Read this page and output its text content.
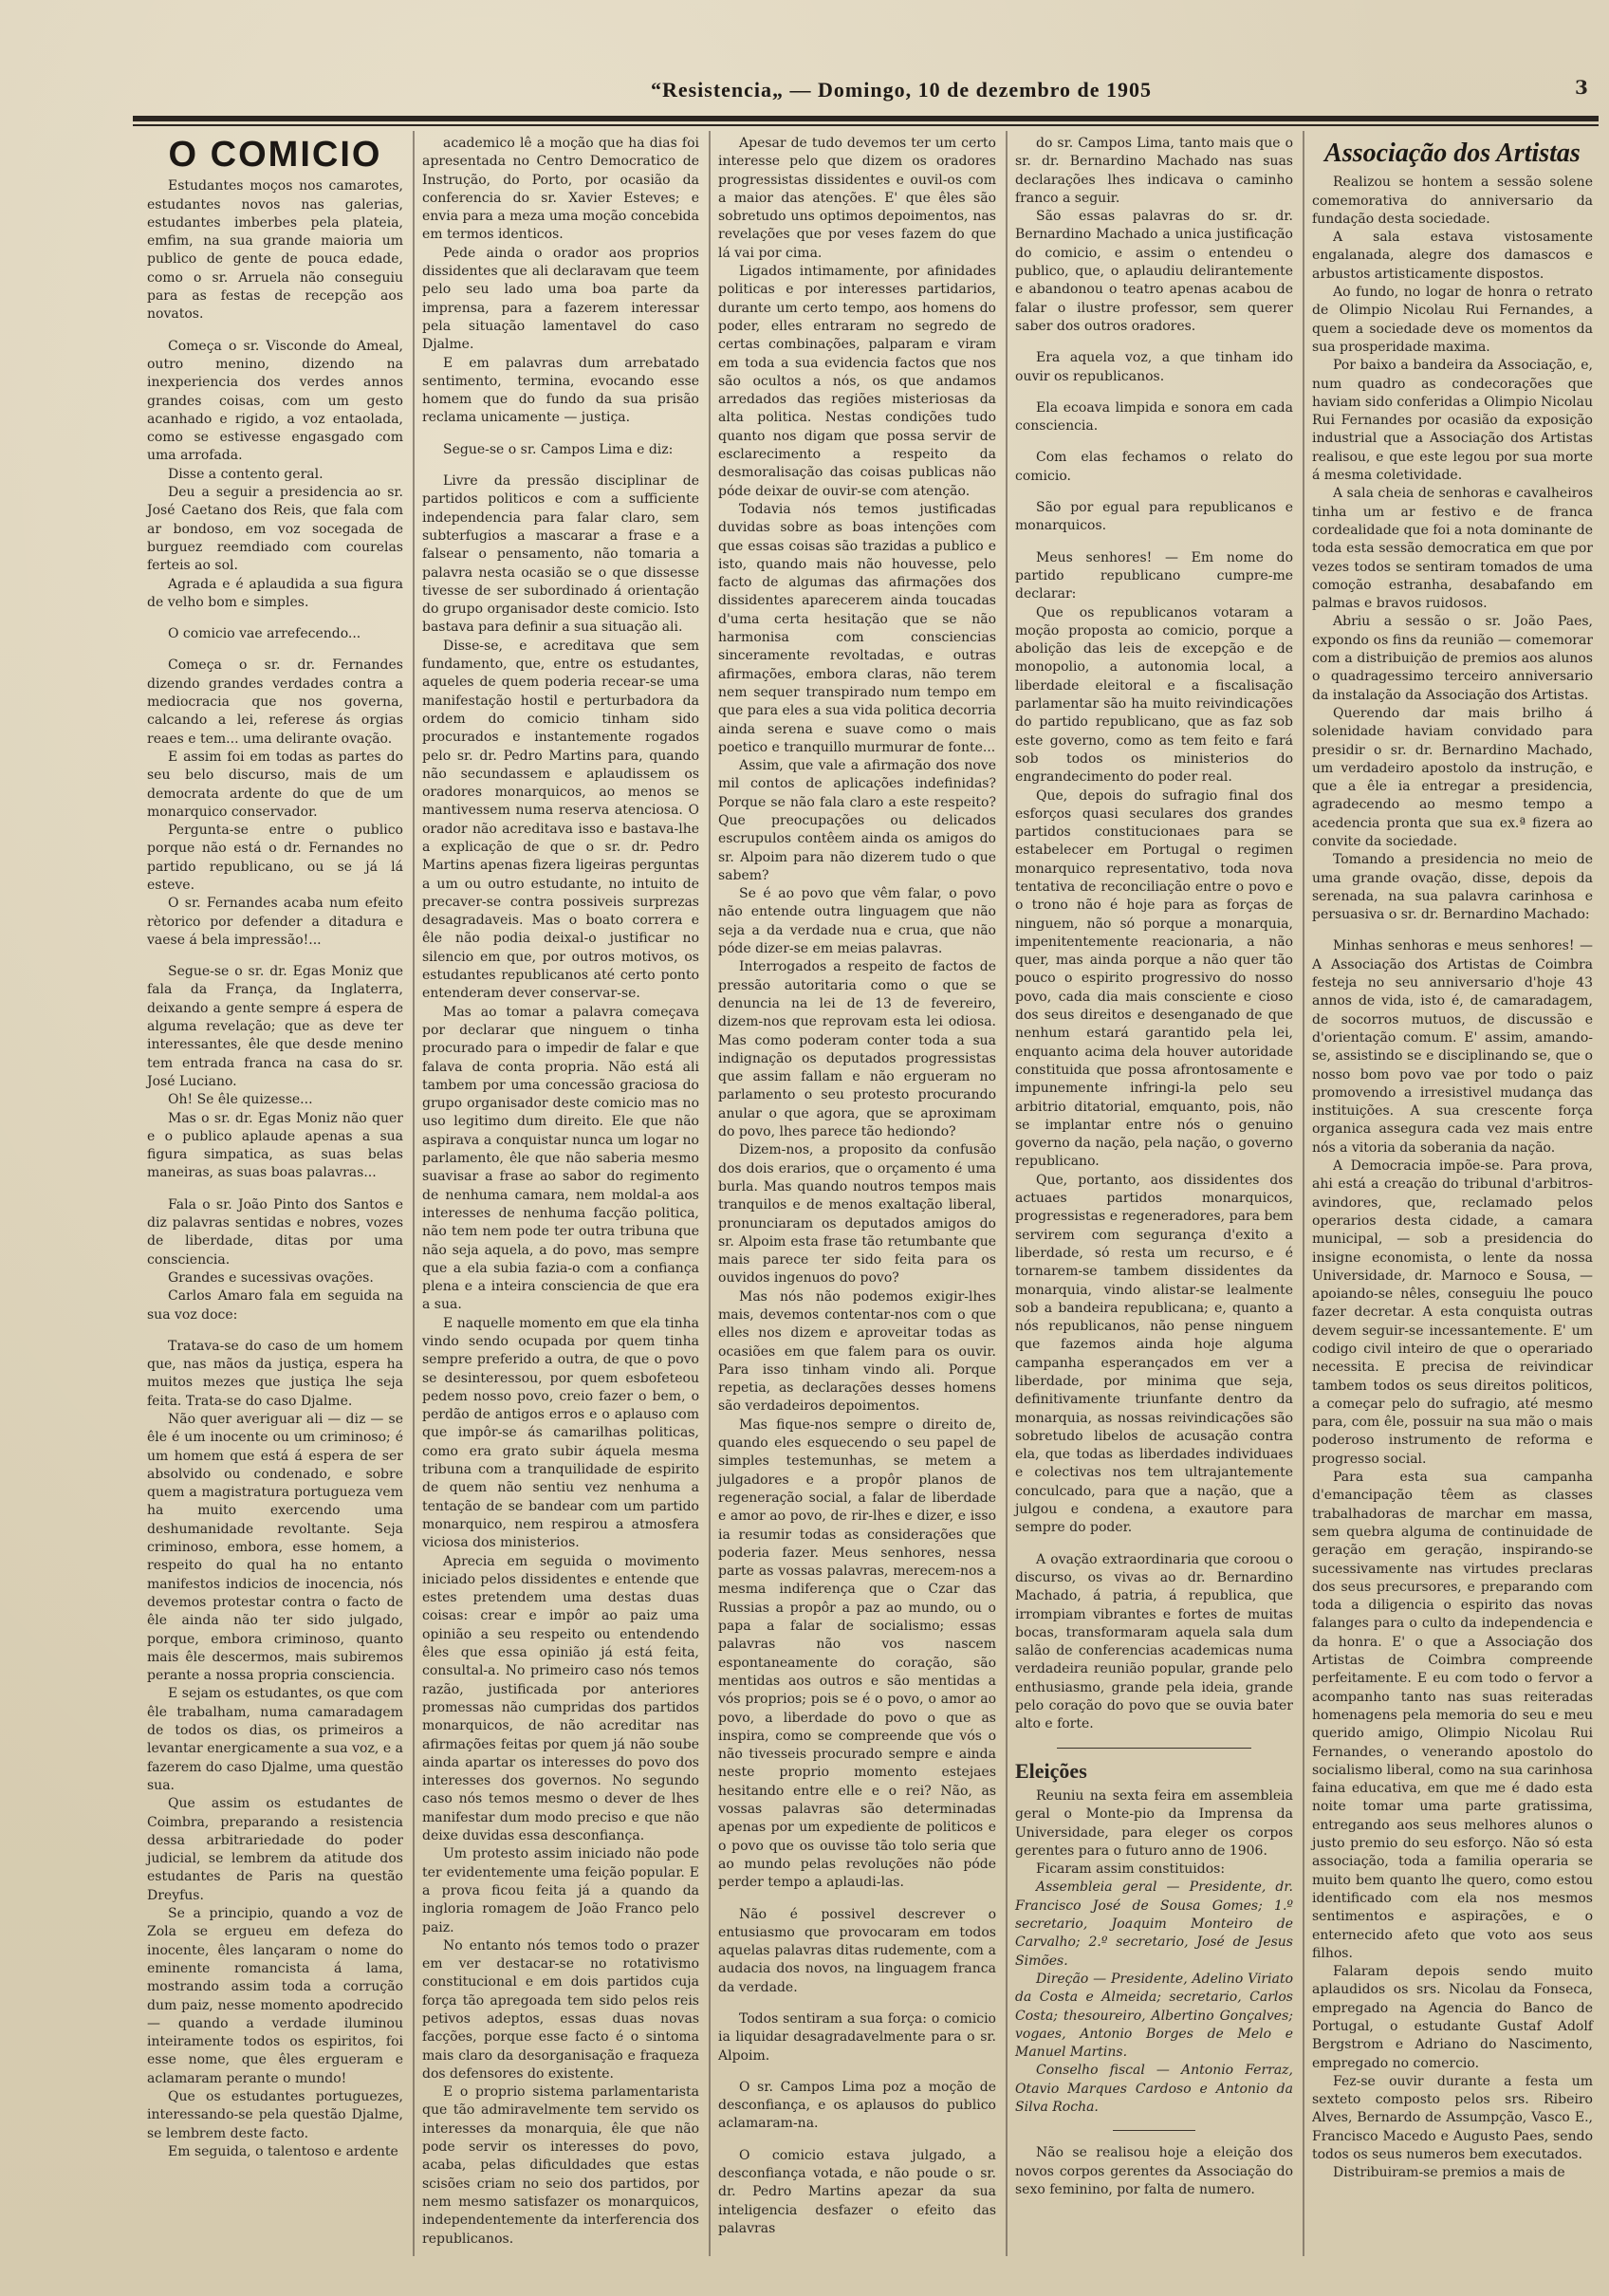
“Resistencia„ — Domingo, 10 de dezembro de 1905	3
O COMICIO

Estudantes moços nos camarotes, estudantes novos nas galerias, estudantes imberbes pela plateia, emfim, na sua grande maioria um publico de gente de pouca edade, como o sr. Arruela não conseguiu para as festas de recepção aos novatos.

Começa o sr. Visconde do Ameal, outro menino, dizendo na inexperiencia dos verdes annos grandes coisas, com um gesto acanhado e rigido, a voz entaolada, como se estivesse engasgado com uma arrofada.

Disse a contento geral.

Deu a seguir a presidencia ao sr. José Caetano dos Reis, que fala com ar bondoso, em voz socegada de burguez reemdiado com courelas ferteis ao sol.

Agrada e é aplaudida a sua figura de velho bom e simples.

O comicio vae arrefecendo...

Começa o sr. dr. Fernandes dizendo grandes verdades contra a mediocracia que nos governa, calcando a lei, referese ás orgias reaes e tem... uma delirante ovação.

E assim foi em todas as partes do seu belo discurso, mais de um democrata ardente do que de um monarquico conservador.

Pergunta-se entre o publico porque não está o dr. Fernandes no partido republicano, ou se já lá esteve.

O sr. Fernandes acaba num efeito rètorico por defender a ditadura e vaese á bela impressão!...

Segue-se o sr. dr. Egas Moniz que fala da França, da Inglaterra, deixando a gente sempre á espera de alguma revelação; que as deve ter interessantes, êle que desde menino tem entrada franca na casa do sr. José Luciano.

Oh! Se êle quizesse...

Mas o sr. dr. Egas Moniz não quer e o publico aplaude apenas a sua figura simpatica, as suas belas maneiras, as suas boas palavras...

Fala o sr. João Pinto dos Santos e diz palavras sentidas e nobres, vozes de liberdade, ditas por uma consciencia.

Grandes e sucessivas ovações.

Carlos Amaro fala em seguida na sua voz doce:

Tratava-se do caso de um homem que, nas mãos da justiça, espera ha muitos mezes que justiça lhe seja feita. Trata-se do caso Djalme.

Não quer averiguar ali — diz — se êle é um inocente ou um criminoso; é um homem que está á espera de ser absolvido ou condenado, e sobre quem a magistratura portugueza vem ha muito exercendo uma deshumanidade revoltante. Seja criminoso, embora, esse homem, a respeito do qual ha no entanto manifestos indicios de inocencia, nós devemos protestar contra o facto de êle ainda não ter sido julgado, porque, embora criminoso, quanto mais êle descermos, mais subiremos perante a nossa propria consciencia.

E sejam os estudantes, os que com êle trabalham, numa camaradagem de todos os dias, os primeiros a levantar energicamente a sua voz, e a fazerem do caso Djalme, uma questão sua.

Que assim os estudantes de Coimbra, preparando a resistencia dessa arbitrariedade do poder judicial, se lembrem da atitude dos estudantes de Paris na questão Dreyfus.

Se a principio, quando a voz de Zola se ergueu em defeza do inocente, êles lançaram o nome do eminente romancista á lama, mostrando assim toda a corrução dum paiz, nesse momento apodrecido — quando a verdade iluminou inteiramente todos os espiritos, foi esse nome, que êles ergueram e aclamaram perante o mundo!

Que os estudantes portuguezes, interessando-se pela questão Djalme, se lembrem deste facto.

Em seguida, o talentoso e ardente

academico lê a moção que ha dias foi apresentada no Centro Democratico de Instrução, do Porto, por ocasião da conferencia do sr. Xavier Esteves; e envia para a meza uma moção concebida em termos identicos.

Pede ainda o orador aos proprios dissidentes que ali declaravam que teem pelo seu lado uma boa parte da imprensa, para a fazerem interessar pela situação lamentavel do caso Djalme.

E em palavras dum arrebatado sentimento, termina, evocando esse homem que do fundo da sua prisão reclama unicamente — justiça.

Segue-se o sr. Campos Lima e diz:

Livre da pressão disciplinar de partidos politicos e com a sufficiente independencia para falar claro, sem subterfugios a mascarar a frase e a falsear o pensamento, não tomaria a palavra nesta ocasião se o que dissesse tivesse de ser subordinado á orientação do grupo organisador deste comicio. Isto bastava para definir a sua situação ali.

Disse-se, e acreditava que sem fundamento, que, entre os estudantes, aqueles de quem poderia recear-se uma manifestação hostil e perturbadora da ordem do comicio tinham sido procurados e instantemente rogados pelo sr. dr. Pedro Martins para, quando não secundassem e aplaudissem os oradores monarquicos, ao menos se mantivessem numa reserva atenciosa. O orador não acreditava isso e bastava-lhe a explicação de que o sr. dr. Pedro Martins apenas fizera ligeiras perguntas a um ou outro estudante, no intuito de precaver-se contra possiveis surprezas desagradaveis. Mas o boato correra e êle não podia deixal-o justificar no silencio em que, por outros motivos, os estudantes republicanos até certo ponto entenderam dever conservar-se.

Mas ao tomar a palavra começava por declarar que ninguem o tinha procurado para o impedir de falar e que falava de conta propria. Não está ali tambem por uma concessão graciosa do grupo organisador deste comicio mas no uso legitimo dum direito. Ele que não aspirava a conquistar nunca um logar no parlamento, êle que não saberia mesmo suavisar a frase ao sabor do regimento de nenhuma camara, nem moldal-a aos interesses de nenhuma facção politica, não tem nem pode ter outra tribuna que não seja aquela, a do povo, mas sempre que a ela subia fazia-o com a confiança plena e a inteira consciencia de que era a sua.

E naquelle momento em que ela tinha vindo sendo ocupada por quem tinha sempre preferido a outra, de que o povo se desinteressou, por quem esbofeteou pedem nosso povo, creio fazer o bem, o perdão de antigos erros e o aplauso com que impôr-se ás camarilhas politicas, como era grato subir áquela mesma tribuna com a tranquilidade de espirito de quem não sentiu vez nenhuma a tentação de se bandear com um partido monarquico, nem respirou a atmosfera viciosa dos ministerios.

Aprecia em seguida o movimento iniciado pelos dissidentes e entende que estes pretendem uma destas duas coisas: crear e impôr ao paiz uma opinião a seu respeito ou entendendo êles que essa opinião já está feita, consultal-a. No primeiro caso nós temos razão, justificada por anteriores promessas não cumpridas dos partidos monarquicos, de não acreditar nas afirmações feitas por quem já não soube ainda apartar os interesses do povo dos interesses dos governos. No segundo caso nós temos mesmo o dever de lhes manifestar dum modo preciso e que não deixe duvidas essa desconfiança.

Um protesto assim iniciado não pode ter evidentemente uma feição popular. E a prova ficou feita já a quando da ingloria romagem de João Franco pelo paiz.

No entanto nós temos todo o prazer em ver destacar-se no rotativismo constitucional e em dois partidos cuja força tão apregoada tem sido pelos reis petivos adeptos, essas duas novas facções, porque esse facto é o sintoma mais claro da desorganisação e fraqueza dos defensores do existente.

E o proprio sistema parlamentarista que tão admiravelmente tem servido os interesses da monarquia, êle que não pode servir os interesses do povo, acaba, pelas dificuldades que estas scisões criam no seio dos partidos, por nem mesmo satisfazer os monarquicos, independentemente da interferencia dos republicanos.

Apesar de tudo devemos ter um certo interesse pelo que dizem os oradores progressistas dissidentes e ouvil-os com a maior das atenções. E' que êles são sobretudo uns optimos depoimentos, nas revelações que por veses fazem do que lá vai por cima.

Ligados intimamente, por afinidades politicas e por interesses partidarios, durante um certo tempo, aos homens do poder, elles entraram no segredo de certas combinações, palparam e viram em toda a sua evidencia factos que nos são ocultos a nós, os que andamos arredados das regiões misteriosas da alta politica. Nestas condições tudo quanto nos digam que possa servir de esclarecimento a respeito da desmoralisação das coisas publicas não póde deixar de ouvir-se com atenção.

Todavia nós temos justificadas duvidas sobre as boas intenções com que essas coisas são trazidas a publico e isto, quando mais não houvesse, pelo facto de algumas das afirmações dos dissidentes aparecerem ainda toucadas d'uma certa hesitação que se não harmonisa com consciencias sinceramente revoltadas, e outras afirmações, embora claras, não terem nem sequer transpirado num tempo em que para eles a sua vida politica decorria ainda serena e suave como o mais poetico e tranquillo murmurar de fonte...

Assim, que vale a afirmação dos nove mil contos de aplicações indefinidas? Porque se não fala claro a este respeito? Que preocupações ou delicados escrupulos contêem ainda os amigos do sr. Alpoim para não dizerem tudo o que sabem?

Se é ao povo que vêm falar, o povo não entende outra linguagem que não seja a da verdade nua e crua, que não póde dizer-se em meias palavras.

Interrogados a respeito de factos de pressão autoritaria como o que se denuncia na lei de 13 de fevereiro, dizem-nos que reprovam esta lei odiosa. Mas como poderam conter toda a sua indignação os deputados progressistas que assim fallam e não ergueram no parlamento o seu protesto procurando anular o que agora, que se aproximam do povo, lhes parece tão hediondo?

Dizem-nos, a proposito da confusão dos dois erarios, que o orçamento é uma burla. Mas quando noutros tempos mais tranquilos e de menos exaltação liberal, pronunciaram os deputados amigos do sr. Alpoim esta frase tão retumbante que mais parece ter sido feita para os ouvidos ingenuos do povo?

Mas nós não podemos exigir-lhes mais, devemos contentar-nos com o que elles nos dizem e aproveitar todas as ocasiões em que falem para os ouvir. Para isso tinham vindo ali. Porque repetia, as declarações desses homens são verdadeiros depoimentos.

Mas fique-nos sempre o direito de, quando eles esquecendo o seu papel de simples testemunhas, se metem a julgadores e a propôr planos de regeneração social, a falar de liberdade e amor ao povo, de rir-lhes e dizer, e isso ia resumir todas as considerações que poderia fazer. Meus senhores, nessa parte as vossas palavras, merecem-nos a mesma indiferença que o Czar das Russias a propôr a paz ao mundo, ou o papa a falar de socialismo; essas palavras não vos nascem espontaneamente do coração, são mentidas aos outros e são mentidas a vós proprios; pois se é o povo, o amor ao povo, a liberdade do povo o que as inspira, como se compreende que vós o não tivesseis procurado sempre e ainda neste proprio momento estejaes hesitando entre elle e o rei? Não, as vossas palavras são determinadas apenas por um expediente de politicos e o povo que os ouvisse tão tolo seria que ao mundo pelas revoluções não póde perder tempo a aplaudi-las.

Não é possivel descrever o entusiasmo que provocaram em todos aquelas palavras ditas rudemente, com a audacia dos novos, na linguagem franca da verdade.

Todos sentiram a sua força: o comicio ia liquidar desagradavelmente para o sr. Alpoim.

O sr. Campos Lima poz a moção de desconfiança, e os aplausos do publico aclamaram-na.

O comicio estava julgado, a desconfiança votada, e não poude o sr. dr. Pedro Martins apezar da sua inteligencia desfazer o efeito das palavras

do sr. Campos Lima, tanto mais que o sr. dr. Bernardino Machado nas suas declarações lhes indicava o caminho franco a seguir.

São essas palavras do sr. dr. Bernardino Machado a unica justificação do comicio, e assim o entendeu o publico, que, o aplaudiu delirantemente e abandonou o teatro apenas acabou de falar o ilustre professor, sem querer saber dos outros oradores.

Era aquela voz, a que tinham ido ouvir os republicanos.

Ela ecoava limpida e sonora em cada consciencia.

Com elas fechamos o relato do comicio.

São por egual para republicanos e monarquicos.

Meus senhores! — Em nome do partido republicano cumpre-me declarar:

Que os republicanos votaram a moção proposta ao comicio, porque a abolição das leis de excepção e de monopolio, a autonomia local, a liberdade eleitoral e a fiscalisação parlamentar são ha muito reivindicações do partido republicano, que as faz sob este governo, como as tem feito e fará sob todos os ministerios do engrandecimento do poder real.

Que, depois do sufragio final dos esforços quasi seculares dos grandes partidos constitucionaes para se estabelecer em Portugal o regimen monarquico representativo, toda nova tentativa de reconciliação entre o povo e o trono não é hoje para as forças de ninguem, não só porque a monarquia, impenitentemente reacionaria, a não quer, mas ainda porque a não quer tão pouco o espirito progressivo do nosso povo, cada dia mais consciente e cioso dos seus direitos e desenganado de que nenhum estará garantido pela lei, enquanto acima dela houver autoridade constituida que possa afrontosamente e impunemente infringi-la pelo seu arbitrio ditatorial, emquanto, pois, não se implantar entre nós o genuino governo da nação, pela nação, o governo republicano.

Que, portanto, aos dissidentes dos actuaes partidos monarquicos, progressistas e regeneradores, para bem servirem com segurança d'exito a liberdade, só resta um recurso, e é tornarem-se tambem dissidentes da monarquia, vindo alistar-se lealmente sob a bandeira republicana; e, quanto a nós republicanos, não pense ninguem que fazemos ainda hoje alguma campanha esperançados em ver a liberdade, por minima que seja, definitivamente triunfante dentro da monarquia, as nossas reivindicações são sobretudo libelos de acusação contra ela, que todas as liberdades individuaes e colectivas nos tem ultrajantemente conculcado, para que a nação, que a julgou e condena, a exautore para sempre do poder.

A ovação extraordinaria que coroou o discurso, os vivas ao dr. Bernardino Machado, á patria, á republica, que irrompiam vibrantes e fortes de muitas bocas, transformaram aquela sala dum salão de conferencias academicas numa verdadeira reunião popular, grande pelo enthusiasmo, grande pela ideia, grande pelo coração do povo que se ouvia bater alto e forte.

Eleições

Reuniu na sexta feira em assembleia geral o Monte-pio da Imprensa da Universidade, para eleger os corpos gerentes para o futuro anno de 1906.

Ficaram assim constituidos:

Assembleia geral — Presidente, dr. Francisco José de Sousa Gomes; 1.º secretario, Joaquim Monteiro de Carvalho; 2.º secretario, José de Jesus Simões.

Direção — Presidente, Adelino Viriato da Costa e Almeida; secretario, Carlos Costa; thesoureiro, Albertino Gonçalves; vogaes, Antonio Borges de Melo e Manuel Martins.

Conselho fiscal — Antonio Ferraz, Otavio Marques Cardoso e Antonio da Silva Rocha.

Não se realisou hoje a eleição dos novos corpos gerentes da Associação do sexo feminino, por falta de numero.

Associação dos Artistas

Realizou se hontem a sessão solene comemorativa do anniversario da fundação desta sociedade.

A sala estava vistosamente engalanada, alegre dos damascos e arbustos artisticamente dispostos.

Ao fundo, no logar de honra o retrato de Olimpio Nicolau Rui Fernandes, a quem a sociedade deve os momentos da sua prosperidade maxima.

Por baixo a bandeira da Associação, e, num quadro as condecorações que haviam sido conferidas a Olimpio Nicolau Rui Fernandes por ocasião da exposição industrial que a Associação dos Artistas realisou, e que este legou por sua morte á mesma coletividade.

A sala cheia de senhoras e cavalheiros tinha um ar festivo e de franca cordealidade que foi a nota dominante de toda esta sessão democratica em que por vezes todos se sentiram tomados de uma comoção estranha, desabafando em palmas e bravos ruidosos.

Abriu a sessão o sr. João Paes, expondo os fins da reunião — comemorar com a distribuição de premios aos alunos o quadragessimo terceiro anniversario da instalação da Associação dos Artistas.

Querendo dar mais brilho á solenidade haviam convidado para presidir o sr. dr. Bernardino Machado, um verdadeiro apostolo da instrução, e que a êle ia entregar a presidencia, agradecendo ao mesmo tempo a acedencia pronta que sua ex.ª fizera ao convite da sociedade.

Tomando a presidencia no meio de uma grande ovação, disse, depois da serenada, na sua palavra carinhosa e persuasiva o sr. dr. Bernardino Machado:

Minhas senhoras e meus senhores! — A Associação dos Artistas de Coimbra festeja no seu anniversario d'hoje 43 annos de vida, isto é, de camaradagem, de socorros mutuos, de discussão e d'orientação comum. E' assim, amando-se, assistindo se e disciplinando se, que o nosso bom povo vae por todo o paiz promovendo a irresistivel mudança das instituições. A sua crescente força organica assegura cada vez mais entre nós a vitoria da soberania da nação.

A Democracia impõe-se. Para prova, ahi está a creação do tribunal d'arbitros-avindores, que, reclamado pelos operarios desta cidade, a camara municipal, — sob a presidencia do insigne economista, o lente da nossa Universidade, dr. Marnoco e Sousa, — apoiando-se nêles, conseguiu lhe pouco fazer decretar. A esta conquista outras devem seguir-se incessantemente. E' um codigo civil inteiro de que o operariado necessita. E precisa de reivindicar tambem todos os seus direitos politicos, a começar pelo do sufragio, até mesmo para, com êle, possuir na sua mão o mais poderoso instrumento de reforma e progresso social.

Para esta sua campanha d'emancipação têem as classes trabalhadoras de marchar em massa, sem quebra alguma de continuidade de geração em geração, inspirando-se sucessivamente nas virtudes preclaras dos seus precursores, e preparando com toda a diligencia o espirito das novas falanges para o culto da independencia e da honra. E' o que a Associação dos Artistas de Coimbra compreende perfeitamente. E eu com todo o fervor a acompanho tanto nas suas reiteradas homenagens pela memoria do seu e meu querido amigo, Olimpio Nicolau Rui Fernandes, o venerando apostolo do socialismo liberal, como na sua carinhosa faina educativa, em que me é dado esta noite tomar uma parte gratissima, entregando aos seus melhores alunos o justo premio do seu esforço. Não só esta associação, toda a familia operaria se muito bem quanto lhe quero, como estou identificado com ela nos mesmos sentimentos e aspirações, e o enternecido afeto que voto aos seus filhos.

Falaram depois sendo muito aplaudidos os srs. Nicolau da Fonseca, empregado na Agencia do Banco de Portugal, o estudante Gustaf Adolf Bergstrom e Adriano do Nascimento, empregado no comercio.

Fez-se ouvir durante a festa um sexteto composto pelos srs. Ribeiro Alves, Bernardo de Assumpção, Vasco E., Francisco Macedo e Augusto Paes, sendo todos os seus numeros bem executados.

Distribuiram-se premios a mais de
